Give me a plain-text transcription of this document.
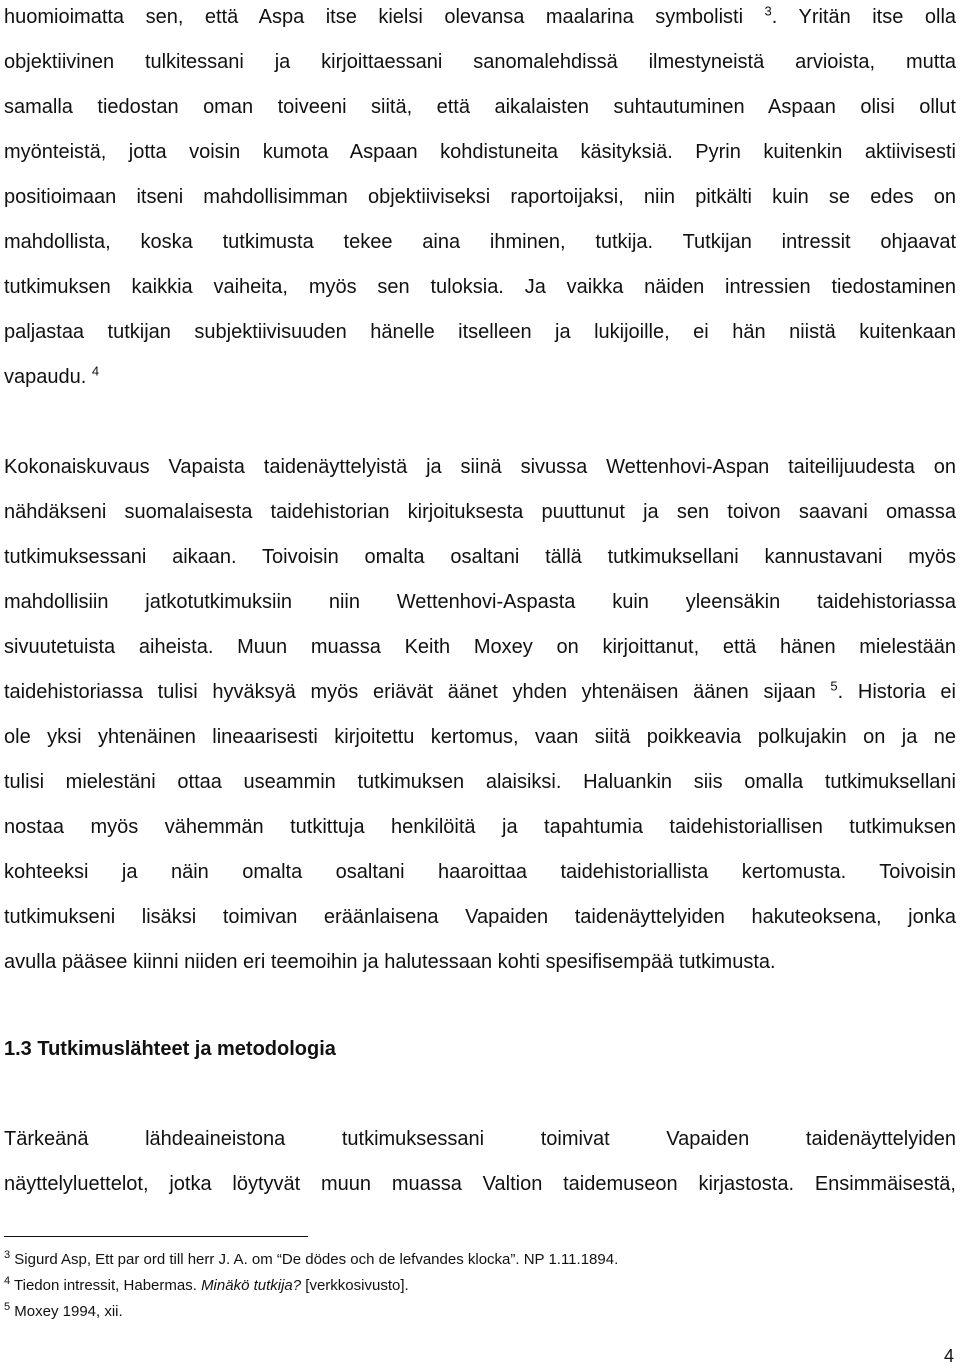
huomioimatta sen, että Aspa itse kielsi olevansa maalarina symbolisti $^3$. Yritän itse olla
objektiivinen tulkitessani ja kirjoittaessani sanomalehdissä ilmestyneistä arvioista, mutta
samalla tiedostan oman toiveeni siitä, että aikalaisten suhtautuminen Aspaan olisi ollut
myönteistä, jotta voisin kumota Aspaan kohdistuneita käsityksiä. Pyrin kuitenkin aktiivisesti
positioimaan itseni mahdollisimman objektiiviseksi raportoijaksi, niin pitkälti kuin se edes on
mahdollista, koska tutkimusta tekee aina ihminen, tutkija. Tutkijan intressit ohjaavat
tutkimuksen kaikkia vaiheita, myös sen tuloksia. Ja vaikka näiden intressien tiedostaminen
paljastaa tutkijan subjektiivisuuden hänelle itselleen ja lukijoille, ei hän niistä kuitenkaan
vapaudu. $^4$
Kokonaiskuvaus Vapaista taidenäyttelyistä ja siinä sivussa Wettenhovi-Aspan taiteilijuudesta on
nähdäkseni suomalaisesta taidehistorian kirjoituksesta puuttunut ja sen toivon saavani omassa
tutkimuksessani aikaan. Toivoisin omalta osaltani tällä tutkimuksellani kannustavani myös
mahdollisiin jatkotutkimuksiin niin Wettenhovi-Aspasta kuin yleensäkin taidehistoriassa
sivuutetuista aiheista. Muun muassa Keith Moxey on kirjoittanut, että hänen mielestään
taidehistoriassa tulisi hyväksyä myös eriävät äänet yhden yhtenäisen äänen sijaan $^5$. Historia ei
ole yksi yhtenäinen lineaarisesti kirjoitettu kertomus, vaan siitä poikkeavia polkujakin on ja ne
tulisi mielestäni ottaa useammin tutkimuksen alaisiksi. Haluankin siis omalla tutkimuksellani
nostaa myös vähemmän tutkittuja henkilöitä ja tapahtumia taidehistoriallisen tutkimuksen
kohteeksi ja näin omalta osaltani haaroittaa taidehistoriallista kertomusta. Toivoisin
tutkimukseni lisäksi toimivan eräänlaisena Vapaiden taidenäyttelyiden hakuteoksena, jonka
avulla pääsee kiinni niiden eri teemoihin ja halutessaan kohti spesifisempää tutkimusta.
1.3 Tutkimuslähteet ja metodologia
Tärkeänä lähdeaineistona tutkimuksessani toimivat Vapaiden taidenäyttelyiden
näyttelyluettelot, jotka löytyvät muun muassa Valtion taidemuseon kirjastosta. Ensimmäisestä,
$^3$ Sigurd Asp, Ett par ord till herr J. A. om “De dödes och de lefvandes klocka”. NP 1.11.1894.
$^4$ Tiedon intressit, Habermas. Minäkö tutkija? [verkkosivusto].
$^5$ Moxey 1994, xii.
4
